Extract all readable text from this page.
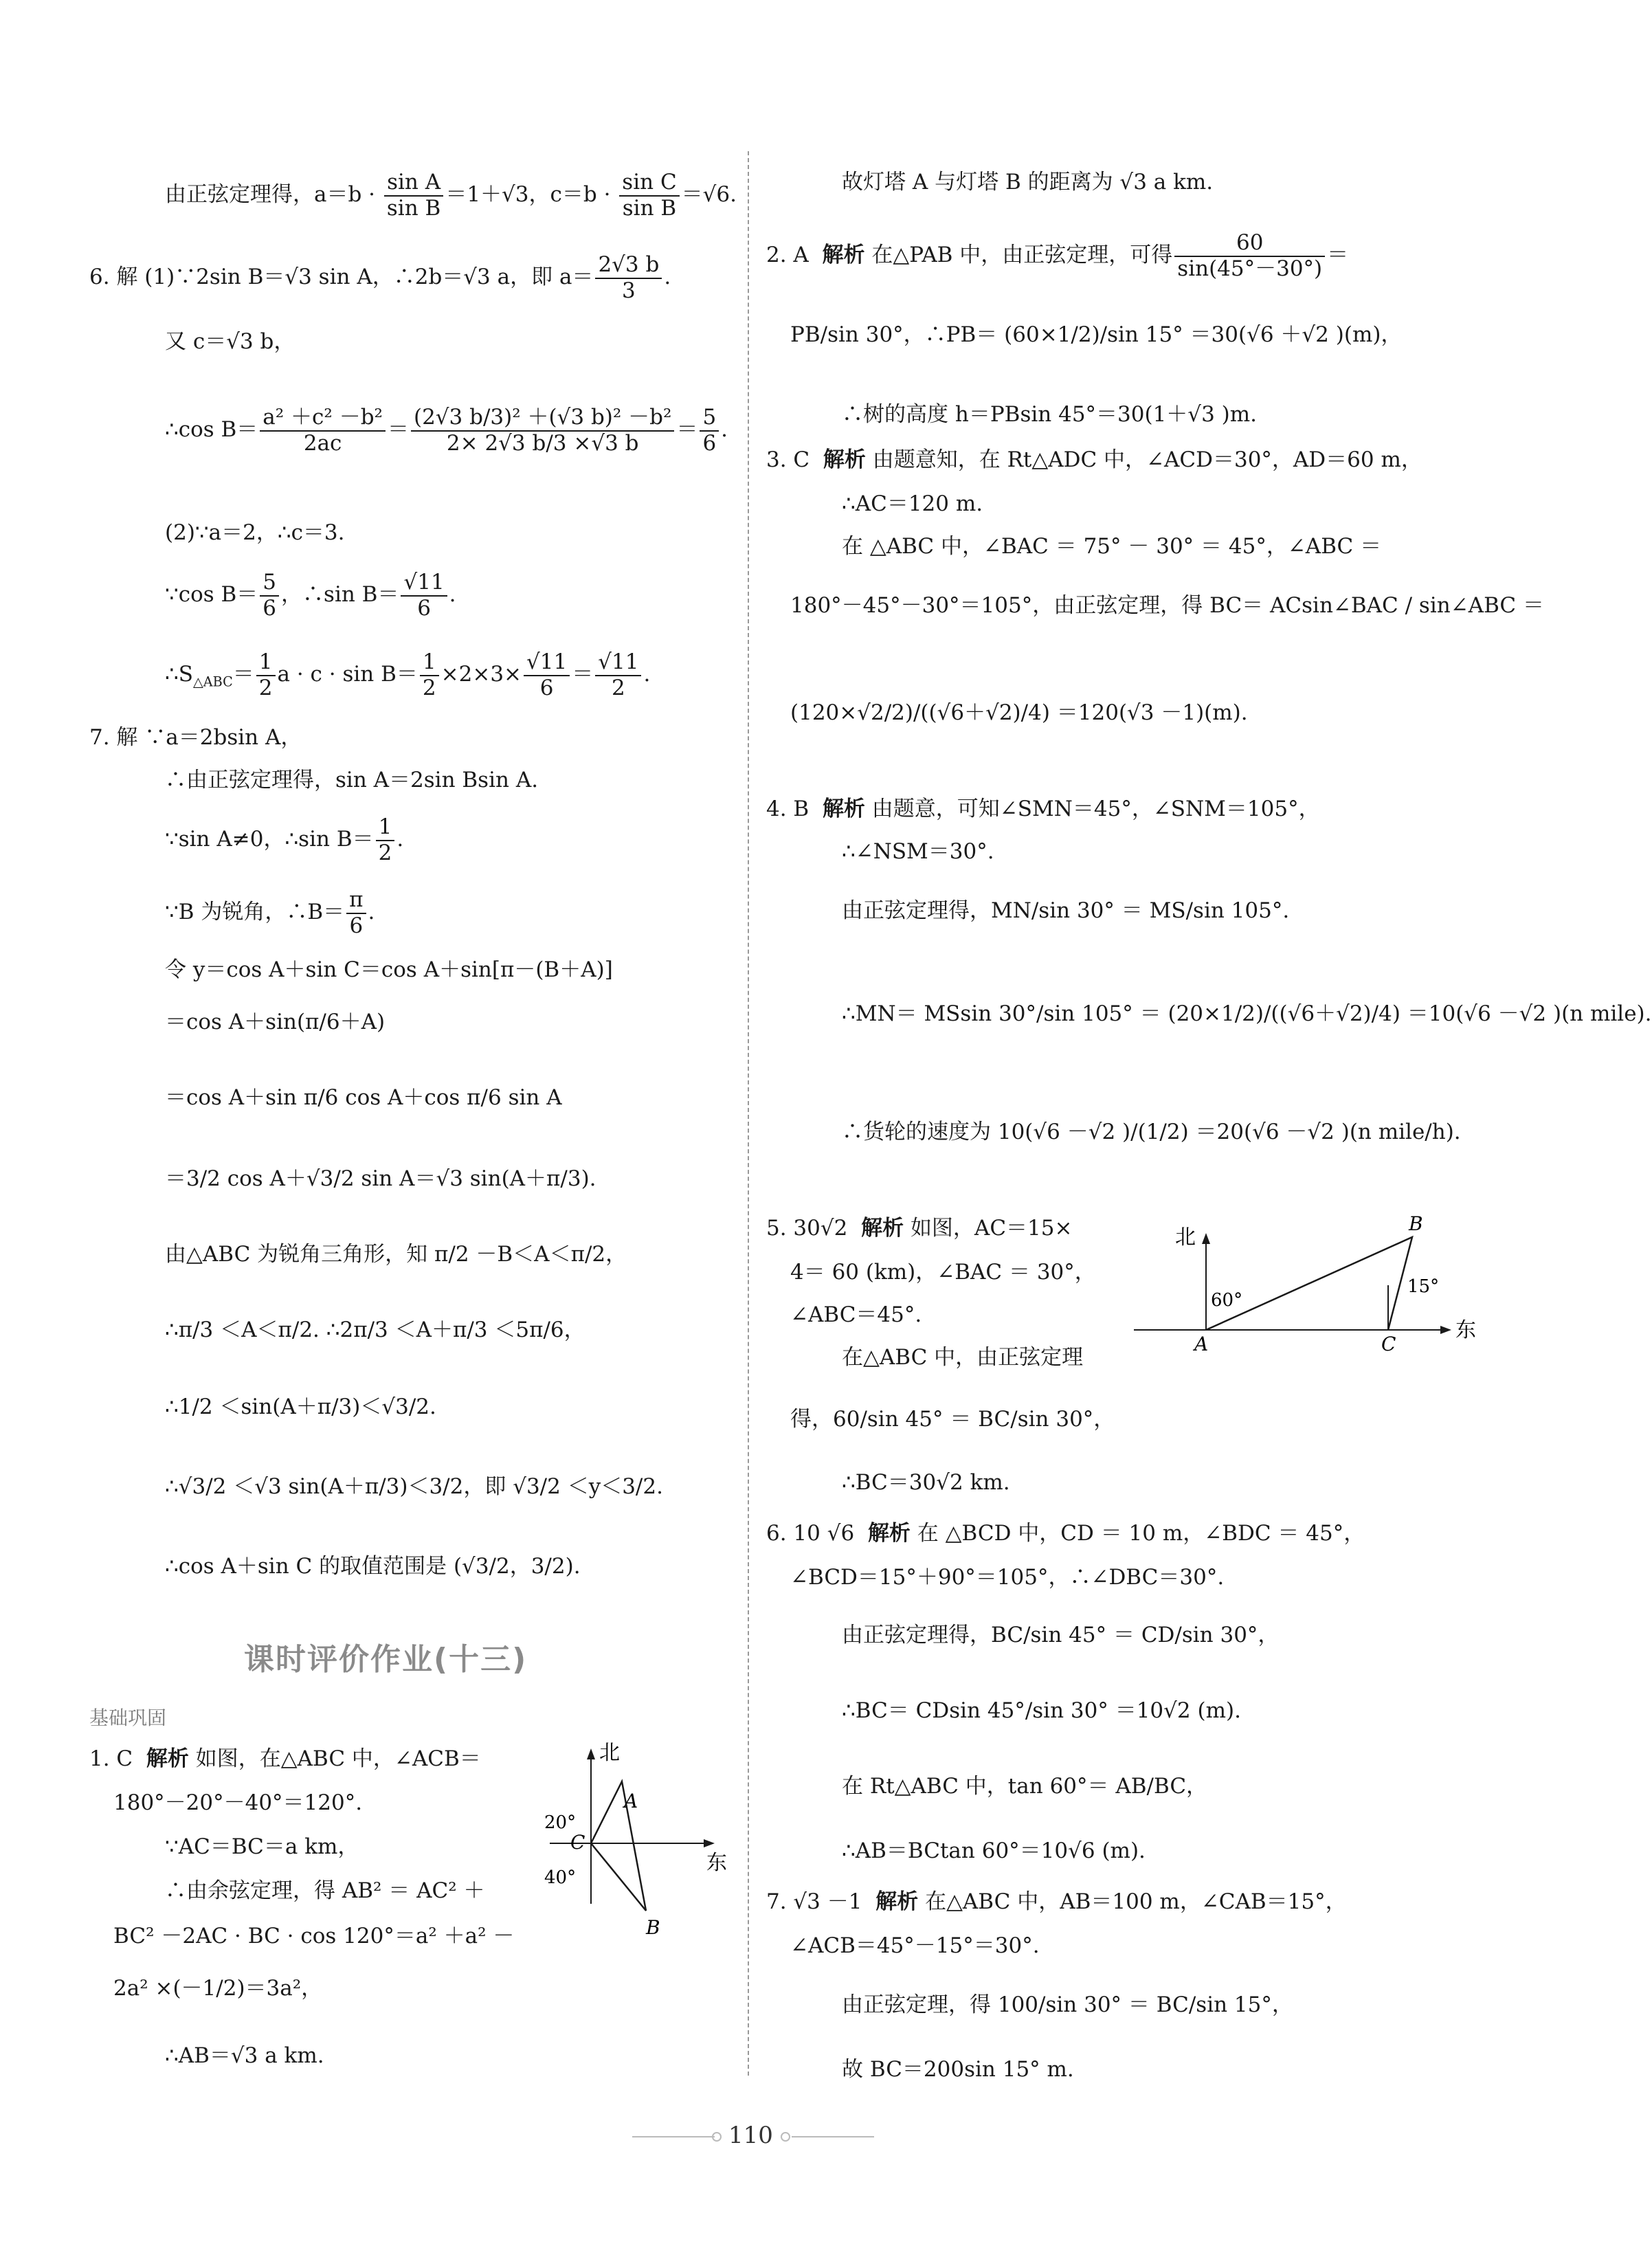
由正弦定理得，$a=b \cdot \frac{\text{sin A}}{\text{sin B}} =1+√3$，$c=b \cdot \frac{\text{sin C}}{\text{sin B}} =√6$.
6. 解 (1)∵2sin B＝√3 sin A，∴2b＝√3 a，即 $a= \frac{2√3 b}{3}$ .
又 c＝√3 b，
∴cos $B= \frac{\text{a² ＋c² －b²}}{2ac} = \frac{\text{(2√3 b/3)² ＋(√3 b)² －b²}}{2\times 2√3 b/3 \times√3 b} = \frac{5}{6}$ .
(2)∵a＝2，∴c＝3.
∵cos $B= \frac{5}{6}$ ，∴sin $B= \frac{√11}{6}$ .
$\therefore S_{\triangle ABC}= \frac{1}{2}$ $a \cdot c \cdot \sin B= \frac{1}{2} \times 2\times 3\times \frac{√11}{6} = \frac{√11}{2}$ .
7. 解 ∵a＝2bsin A，
∴由正弦定理得，sin A＝2sin Bsin A.
∵sin A≠0，∴sin $B= \frac{1}{2}$ .
∵B 为锐角，∴B＝ $\frac{\pi}{6}$ .
令 y＝cos A＋sin C＝cos A＋sin[π－(B＋A)]
＝cos A＋sin(π/6＋A)
＝cos A＋sin π/6 cos A＋cos π/6 sin A
＝3/2 cos A＋√3/2 sin A＝√3 sin(A＋π/3).
由△ABC 为锐角三角形，知 π/2 －B＜A＜π/2，
∴π/3 ＜A＜π/2. ∴2π/3 ＜A＋π/3 ＜5π/6，
∴1/2 ＜sin(A＋π/3)＜√3/2.
∴√3/2 ＜√3 sin(A＋π/3)＜3/2，即 √3/2 ＜y＜3/2.
∴cos A＋sin C 的取值范围是 (√3/2，3/2).
课时评价作业(十三)
基础巩固
1. C 解析 如图，在△ABC 中，∠ACB＝
180°－20°－40°＝120°.
∵AC＝BC＝a km，
∴由余弦定理，得 AB² ＝ AC² ＋
BC² －2AC · BC · cos 120°＝a² ＋a² －
2a² ×(－1/2)＝3a²，
∴AB＝√3 a km.
北
东
20°
40°
A
B
C
故灯塔 A 与灯塔 B 的距离为 √3 a km.
2. A 解析 在△PAB 中，由正弦定理，可得 $\frac{60}{\sin(45^\circ-30^\circ)}$ ＝
PB/sin 30°，∴PB＝ (60×1/2)/sin 15° ＝30(√6 ＋√2 )(m)，
∴树的高度 h＝PBsin 45°＝30(1＋√3 )m.
3. C 解析 由题意知，在 Rt△ADC 中，∠ACD＝30°，AD＝60 m，
∴AC＝120 m.
在 △ABC 中，∠BAC ＝ 75° － 30° ＝ 45°，∠ABC ＝
180°－45°－30°＝105°，由正弦定理，得 BC＝ ACsin∠BAC / sin∠ABC ＝
(120×√2/2)/((√6＋√2)/4) ＝120(√3 －1)(m).
4. B 解析 由题意，可知∠SMN＝45°，∠SNM＝105°，
∴∠NSM＝30°.
由正弦定理得，MN/sin 30° ＝ MS/sin 105°.
∴MN＝ MSsin 30°/sin 105° ＝ (20×1/2)/((√6＋√2)/4) ＝10(√6 －√2 )(n mile).
∴货轮的速度为 10(√6 －√2 )/(1/2) ＝20(√6 －√2 )(n mile/h).
5. 30√2 解析 如图，AC＝15×
4＝ 60 (km)，∠BAC ＝ 30°，
∠ABC＝45°.
在△ABC 中，由正弦定理
得，60/sin 45° ＝ BC/sin 30°，
∴BC＝30√2 km.
北
东
60°
15°
A
B
C
6. 10 √6 解析 在 △BCD 中，CD ＝ 10 m，∠BDC ＝ 45°，
∠BCD＝15°＋90°＝105°，∴∠DBC＝30°.
由正弦定理得，BC/sin 45° ＝ CD/sin 30°，
∴BC＝ CDsin 45°/sin 30° ＝10√2 (m).
在 Rt△ABC 中，tan 60°＝ AB/BC，
∴AB＝BCtan 60°＝10√6 (m).
7. √3 －1 解析 在△ABC 中，AB＝100 m，∠CAB＝15°，
∠ACB＝45°－15°＝30°.
由正弦定理，得 100/sin 30° ＝ BC/sin 15°，
故 BC＝200sin 15° m.
110
